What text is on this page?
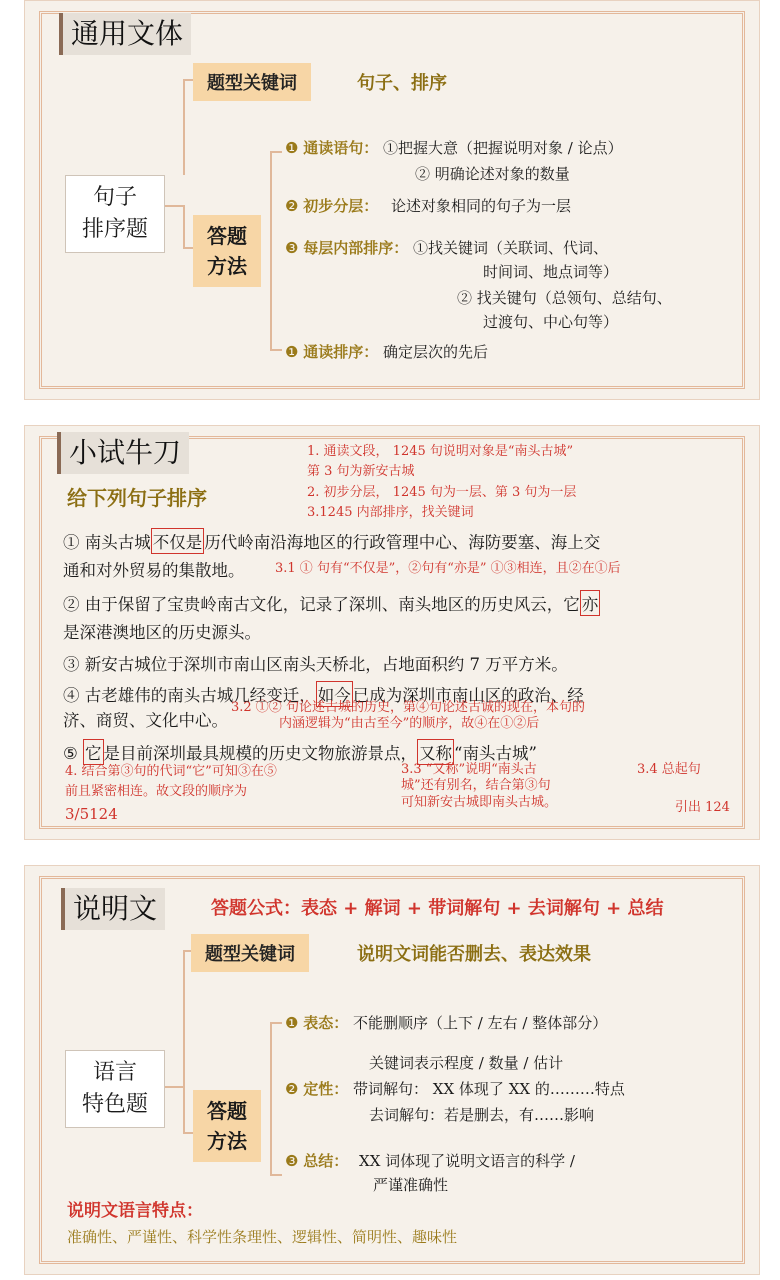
通用文体
题型关键词	句子、排序
句子
排序题	答题
方法
❶ 通读语句： ①把握大意（把握说明对象 / 论点）
② 明确论述对象的数量
❷ 初步分层： 论述对象相同的句子为一层
❸ 每层内部排序： ①找关键词（关联词、代词、
时间词、地点词等）
② 找关键句（总领句、总结句、
过渡句、中心句等）
❶ 通读排序： 确定层次的先后
小试牛刀	1. 通读文段， 1245 句说明对象是“南头古城”
第 3 句为新安古城
2. 初步分层， 1245 句为一层、第 3 句为一层
3.1245 内部排序，找关键词
给下列句子排序
① 南头古城 不仅是 历代岭南沿海地区的行政管理中心、海防要塞、海上交
通和对外贸易的集散地。 3.1 ① 句有“不仅是”，②句有“亦是” ①③相连，且②在①后
② 由于保留了宝贵岭南古文化，记录了深圳、南头地区的历史风云，它 亦
是深港澳地区的历史源头。
③ 新安古城位于深圳市南山区南头天桥北，占地面积约 7 万平方米。
④ 古老雄伟的南头古城几经变迁， 如今 已成为深圳市南山区的政治、经
济、商贸、文化中心。
3.2 ①② 句论述古城的历史，第④句论述古诚的现在，本句的
内涵逻辑为“由古至今”的顺序，故④在①②后
⑤ 它 是目前深圳最具规模的历史文物旅游景点， 又称 “南头古城”
4. 结合第③句的代词“它”可知③在⑤
前且紧密相连。故文段的顺序为
3/5124
3.3 “又称”说明“南头古
城”还有别名，结合第③句
可知新安古城即南头古城。
3.4 总起句
引出 124
说明文	答题公式：表态 + 解词 + 带词解句 + 去词解句 + 总结
题型关键词	说明文词能否删去、表达效果
语言
特色题	答题
方法
❶ 表态： 不能删顺序（上下 / 左右 / 整体部分）
关键词表示程度 / 数量 / 估计
❷ 定性： 带词解句： XX 体现了 XX 的………特点
去词解句：若是删去，有……影响
❸ 总结： XX 词体现了说明文语言的科学 /
严谨准确性
说明文语言特点：
准确性、严谨性、科学性条理性、逻辑性、简明性、趣味性
